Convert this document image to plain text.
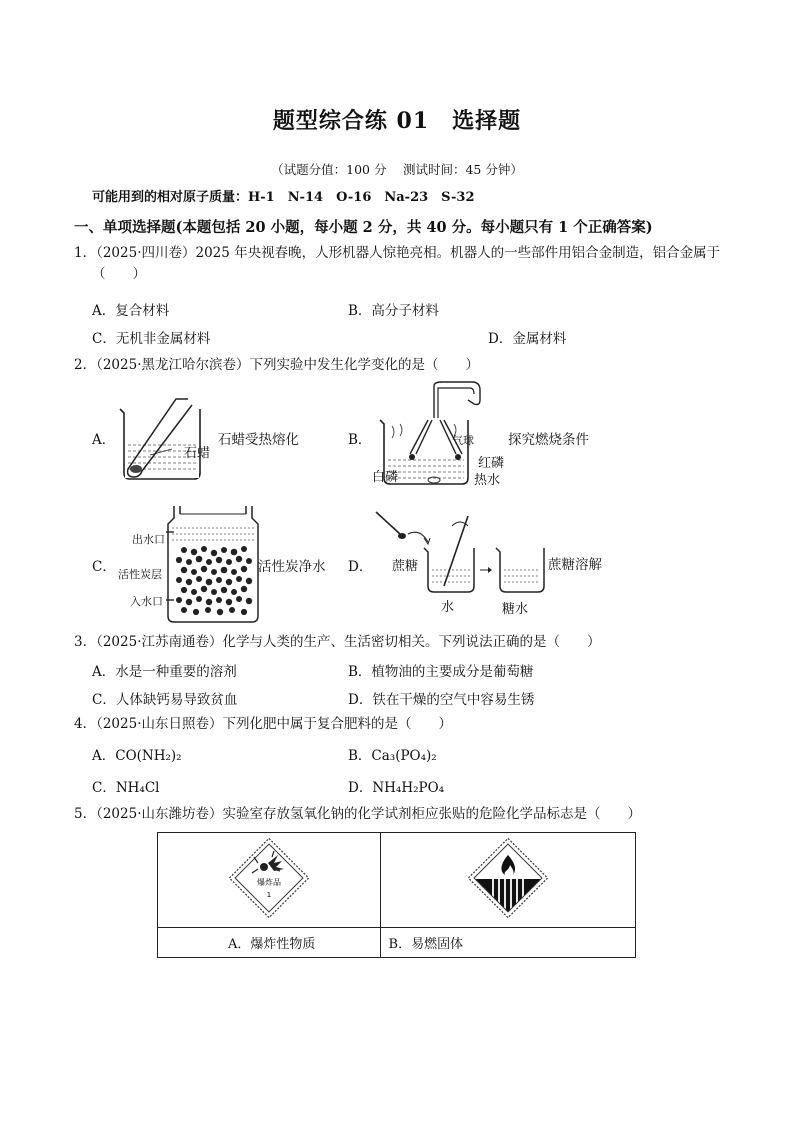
题型综合练 01　选择题
（试题分值：100 分　 测试时间：45 分钟）
可能用到的相对原子质量：H-1　N-14　O-16　Na-23　S-32
一、单项选择题(本题包括 20 小题，每小题 2 分，共 40 分。每小题只有 1 个正确答案)
1．（2025·四川卷）2025 年央视春晚，人形机器人惊艳亮相。机器人的一些部件用铝合金制造，铝合金属于
（　　）
A．复合材料	B．高分子材料
C．无机非金属材料	D．金属材料
2．（2025·黑龙江哈尔滨卷）下列实验中发生化学变化的是（　　）
A．
石蜡
石蜡受热熔化	B．	气球	探究燃烧条件
红磷
白磷	热水
C．
出水口
活性炭层
入水口
活性炭净水 D． 蔗糖
水	糖水
蔗糖溶解
3．（2025·江苏南通卷）化学与人类的生产、生活密切相关。下列说法正确的是（　　）
A．水是一种重要的溶剂	B．植物油的主要成分是葡萄糖
C．人体缺钙易导致贫血	D．铁在干燥的空气中容易生锈
4．（2025·山东日照卷）下列化肥中属于复合肥料的是（　　）
A．CO(NH₂)₂	B．Ca₃(PO₄)₂
C．NH₄Cl	D．NH₄H₂PO₄
5．（2025·山东潍坊卷）实验室存放氢氧化钠的化学试剂柜应张贴的危险化学品标志是（　　）
爆炸品
1

A．爆炸性物质	B．易燃固体
